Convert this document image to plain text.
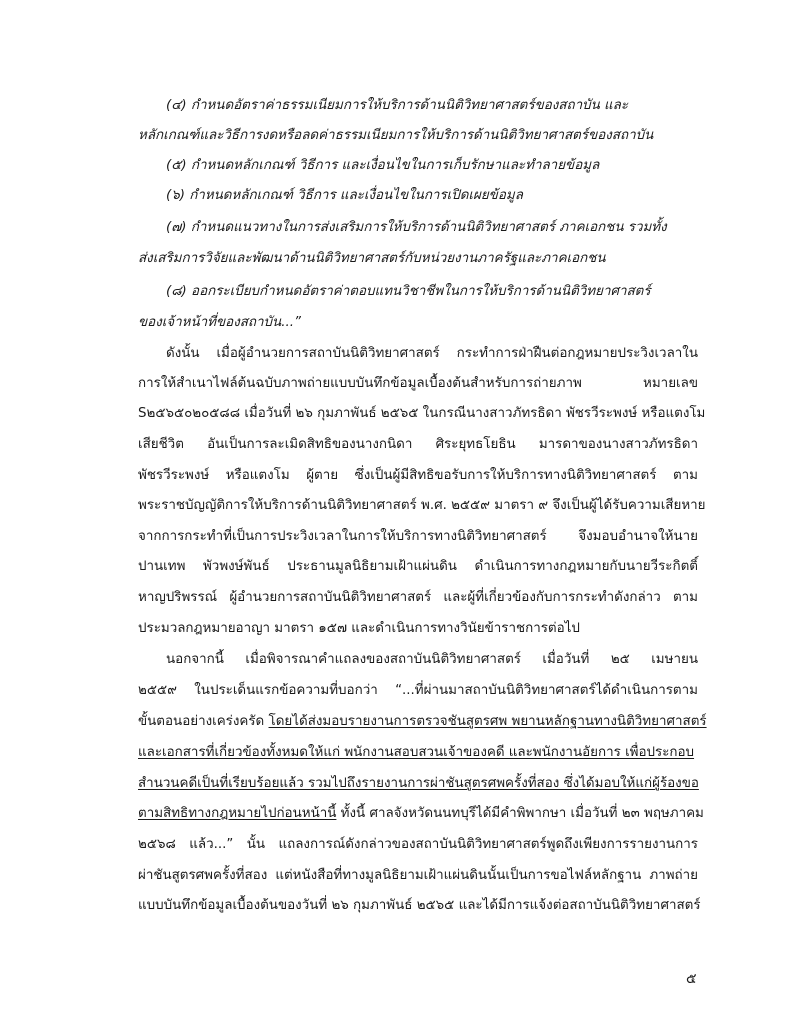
(๔) กำหนดอัตราค่าธรรมเนียมการให้บริการด้านนิติวิทยาศาสตร์ของสถาบัน และ
หลักเกณฑ์และวิธีการงดหรือลดค่าธรรมเนียมการให้บริการด้านนิติวิทยาศาสตร์ของสถาบัน
(๕) กำหนดหลักเกณฑ์ วิธีการ และเงื่อนไขในการเก็บรักษาและทำลายข้อมูล
(๖) กำหนดหลักเกณฑ์ วิธีการ และเงื่อนไขในการเปิดเผยข้อมูล
(๗) กำหนดแนวทางในการส่งเสริมการให้บริการด้านนิติวิทยาศาสตร์ ภาคเอกชน รวมทั้ง
ส่งเสริมการวิจัยและพัฒนาด้านนิติวิทยาศาสตร์กับหน่วยงานภาครัฐและภาคเอกชน
(๘) ออกระเบียบกำหนดอัตราค่าตอบแทนวิชาชีพในการให้บริการด้านนิติวิทยาศาสตร์
ของเจ้าหน้าที่ของสถาบัน...”
ดังนั้น เมื่อผู้อำนวยการสถาบันนิติวิทยาศาสตร์ กระทำการฝ่าฝืนต่อกฎหมายประวิงเวลาใน
การให้สำเนาไฟล์ต้นฉบับภาพถ่ายแบบบันทึกข้อมูลเบื้องต้นสำหรับการถ่ายภาพ	หมายเลข
S๒๕๖๕๐๒๐๕๘๘ เมื่อวันที่ ๒๖ กุมภาพันธ์ ๒๕๖๕ ในกรณีนางสาวภัทรธิดา พัชรวีระพงษ์ หรือแตงโม
เสียชีวิต อันเป็นการละเมิดสิทธิของนางกนิดา ศิระยุทธโยธิน มารดาของนางสาวภัทรธิดา
พัชรวีระพงษ์ หรือแตงโม ผู้ตาย ซึ่งเป็นผู้มีสิทธิขอรับการให้บริการทางนิติวิทยาศาสตร์ ตาม
พระราชบัญญัติการให้บริการด้านนิติวิทยาศาสตร์ พ.ศ. ๒๕๕๙ มาตรา ๙ จึงเป็นผู้ได้รับความเสียหาย
จากการกระทำที่เป็นการประวิงเวลาในการให้บริการทางนิติวิทยาศาสตร์ จึงมอบอำนาจให้นาย
ปานเทพ พัวพงษ์พันธ์ ประธานมูลนิธิยามเฝ้าแผ่นดิน ดำเนินการทางกฎหมายกับนายวีระกิตติ์
หาญปริพรรณ์ ผู้อำนวยการสถาบันนิติวิทยาศาสตร์ และผู้ที่เกี่ยวข้องกับการกระทำดังกล่าว ตาม
ประมวลกฎหมายอาญา มาตรา ๑๕๗ และดำเนินการทางวินัยข้าราชการต่อไป
นอกจากนี้ เมื่อพิจารณาคำแถลงของสถาบันนิติวิทยาศาสตร์ เมื่อวันที่ ๒๕ เมษายน
๒๕๕๙ ในประเด็นแรกข้อความที่บอกว่า “...ที่ผ่านมาสถาบันนิติวิทยาศาสตร์ได้ดำเนินการตาม
ขั้นตอนอย่างเคร่งครัด โดยได้ส่งมอบรายงานการตรวจชันสูตรศพ พยานหลักฐานทางนิติวิทยาศาสตร์
และเอกสารที่เกี่ยวข้องทั้งหมดให้แก่ พนักงานสอบสวนเจ้าของคดี และพนักงานอัยการ เพื่อประกอบ
สำนวนคดีเป็นที่เรียบร้อยแล้ว รวมไปถึงรายงานการผ่าชันสูตรศพครั้งที่สอง ซึ่งได้มอบให้แก่ผู้ร้องขอ
ตามสิทธิทางกฎหมายไปก่อนหน้านี้ ทั้งนี้ ศาลจังหวัดนนทบุรีได้มีคำพิพากษา เมื่อวันที่ ๒๓ พฤษภาคม
๒๕๖๘ แล้ว...” นั้น แถลงการณ์ดังกล่าวของสถาบันนิติวิทยาศาสตร์พูดถึงเพียงการรายงานการ
ผ่าชันสูตรศพครั้งที่สอง แต่หนังสือที่ทางมูลนิธิยามเฝ้าแผ่นดินนั้นเป็นการขอไฟล์หลักฐาน ภาพถ่าย
แบบบันทึกข้อมูลเบื้องต้นของวันที่ ๒๖ กุมภาพันธ์ ๒๕๖๕ และได้มีการแจ้งต่อสถาบันนิติวิทยาศาสตร์
๕
